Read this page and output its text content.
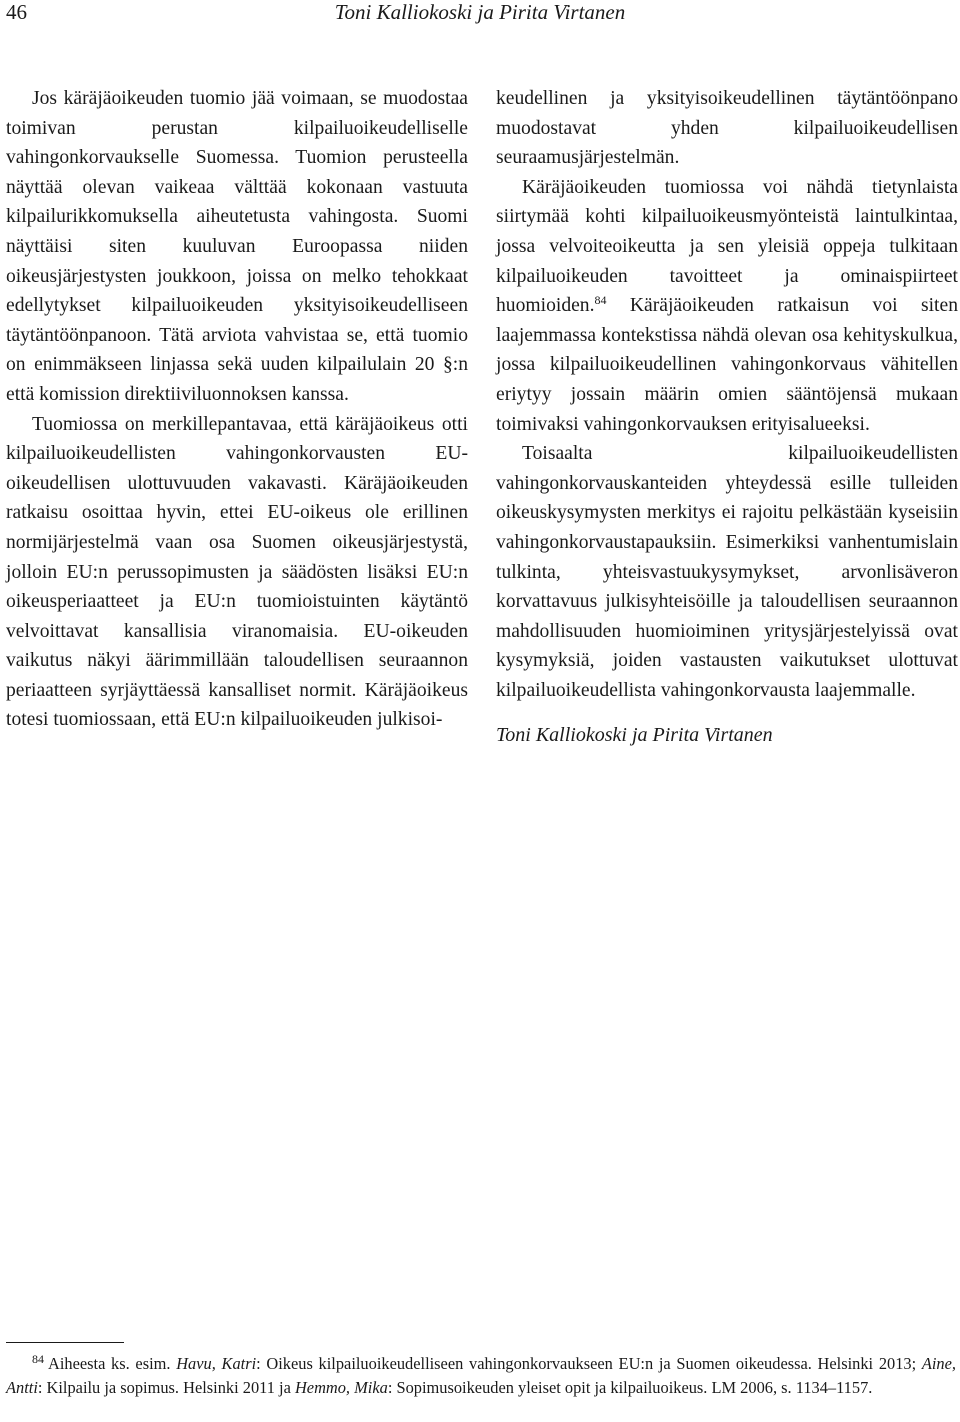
46	Toni Kalliokoski ja Pirita Virtanen

Jos käräjäoikeuden tuomio jää voimaan, se muodostaa toimivan perustan kilpailuoikeudelliselle vahingonkorvaukselle Suomessa. Tuomion perusteella näyttää olevan vaikeaa välttää kokonaan vastuuta kilpailurikkomuksella aiheutetusta vahingosta. Suomi näyttäisi siten kuuluvan Euroopassa niiden oikeusjärjestysten joukkoon, joissa on melko tehokkaat edellytykset kilpailuoikeuden yksityisoikeudelliseen täytäntöönpanoon. Tätä arviota vahvistaa se, että tuomio on enimmäkseen linjassa sekä uuden kilpailulain 20 §:n että komission direktiiviluonnoksen kanssa.

Tuomiossa on merkillepantavaa, että käräjäoikeus otti kilpailuoikeudellisten vahingonkorvausten EU-oikeudellisen ulottuvuuden vakavasti. Käräjäoikeuden ratkaisu osoittaa hyvin, ettei EU-oikeus ole erillinen normijärjestelmä vaan osa Suomen oikeusjärjestystä, jolloin EU:n perussopimusten ja säädösten lisäksi EU:n oikeusperiaatteet ja EU:n tuomioistuinten käytäntö velvoittavat kansallisia viranomaisia. EU-oikeuden vaikutus näkyi äärimmillään taloudellisen seuraannon periaatteen syrjäyttäessä kansalliset normit. Käräjäoikeus totesi tuomiossaan, että EU:n kilpailuoikeuden julkisoi-

keudellinen ja yksityisoikeudellinen täytäntöönpano muodostavat yhden kilpailuoikeudellisen seuraamusjärjestelmän.

Käräjäoikeuden tuomiossa voi nähdä tietynlaista siirtymää kohti kilpailuoikeusmyönteistä laintulkintaa, jossa velvoiteoikeutta ja sen yleisiä oppeja tulkitaan kilpailuoikeuden tavoitteet ja ominaispiirteet huomioiden.$^{84}$ Käräjäoikeuden ratkaisun voi siten laajemmassa kontekstissa nähdä olevan osa kehityskulkua, jossa kilpailuoikeudellinen vahingonkorvaus vähitellen eriytyy jossain määrin omien sääntöjensä mukaan toimivaksi vahingonkorvauksen erityisalueeksi.

Toisaalta kilpailuoikeudellisten vahingonkorvauskanteiden yhteydessä esille tulleiden oikeuskysymysten merkitys ei rajoitu pelkästään kyseisiin vahingonkorvaustapauksiin. Esimerkiksi vanhentumislain tulkinta, yhteisvastuukysymykset, arvonlisäveron korvattavuus julkisyhteisöille ja taloudellisen seuraannon mahdollisuuden huomioiminen yritysjärjestelyissä ovat kysymyksiä, joiden vastausten vaikutukset ulottuvat kilpailuoikeudellista vahingonkorvausta laajemmalle.

Toni Kalliokoski ja Pirita Virtanen

$^{84}$ Aiheesta ks. esim. Havu, Katri: Oikeus kilpailuoikeudelliseen vahingonkorvaukseen EU:n ja Suomen oikeudessa. Helsinki 2013; Aine, Antti: Kilpailu ja sopimus. Helsinki 2011 ja Hemmo, Mika: Sopimusoikeuden yleiset opit ja kilpailuoikeus. LM 2006, s. 1134–1157.
